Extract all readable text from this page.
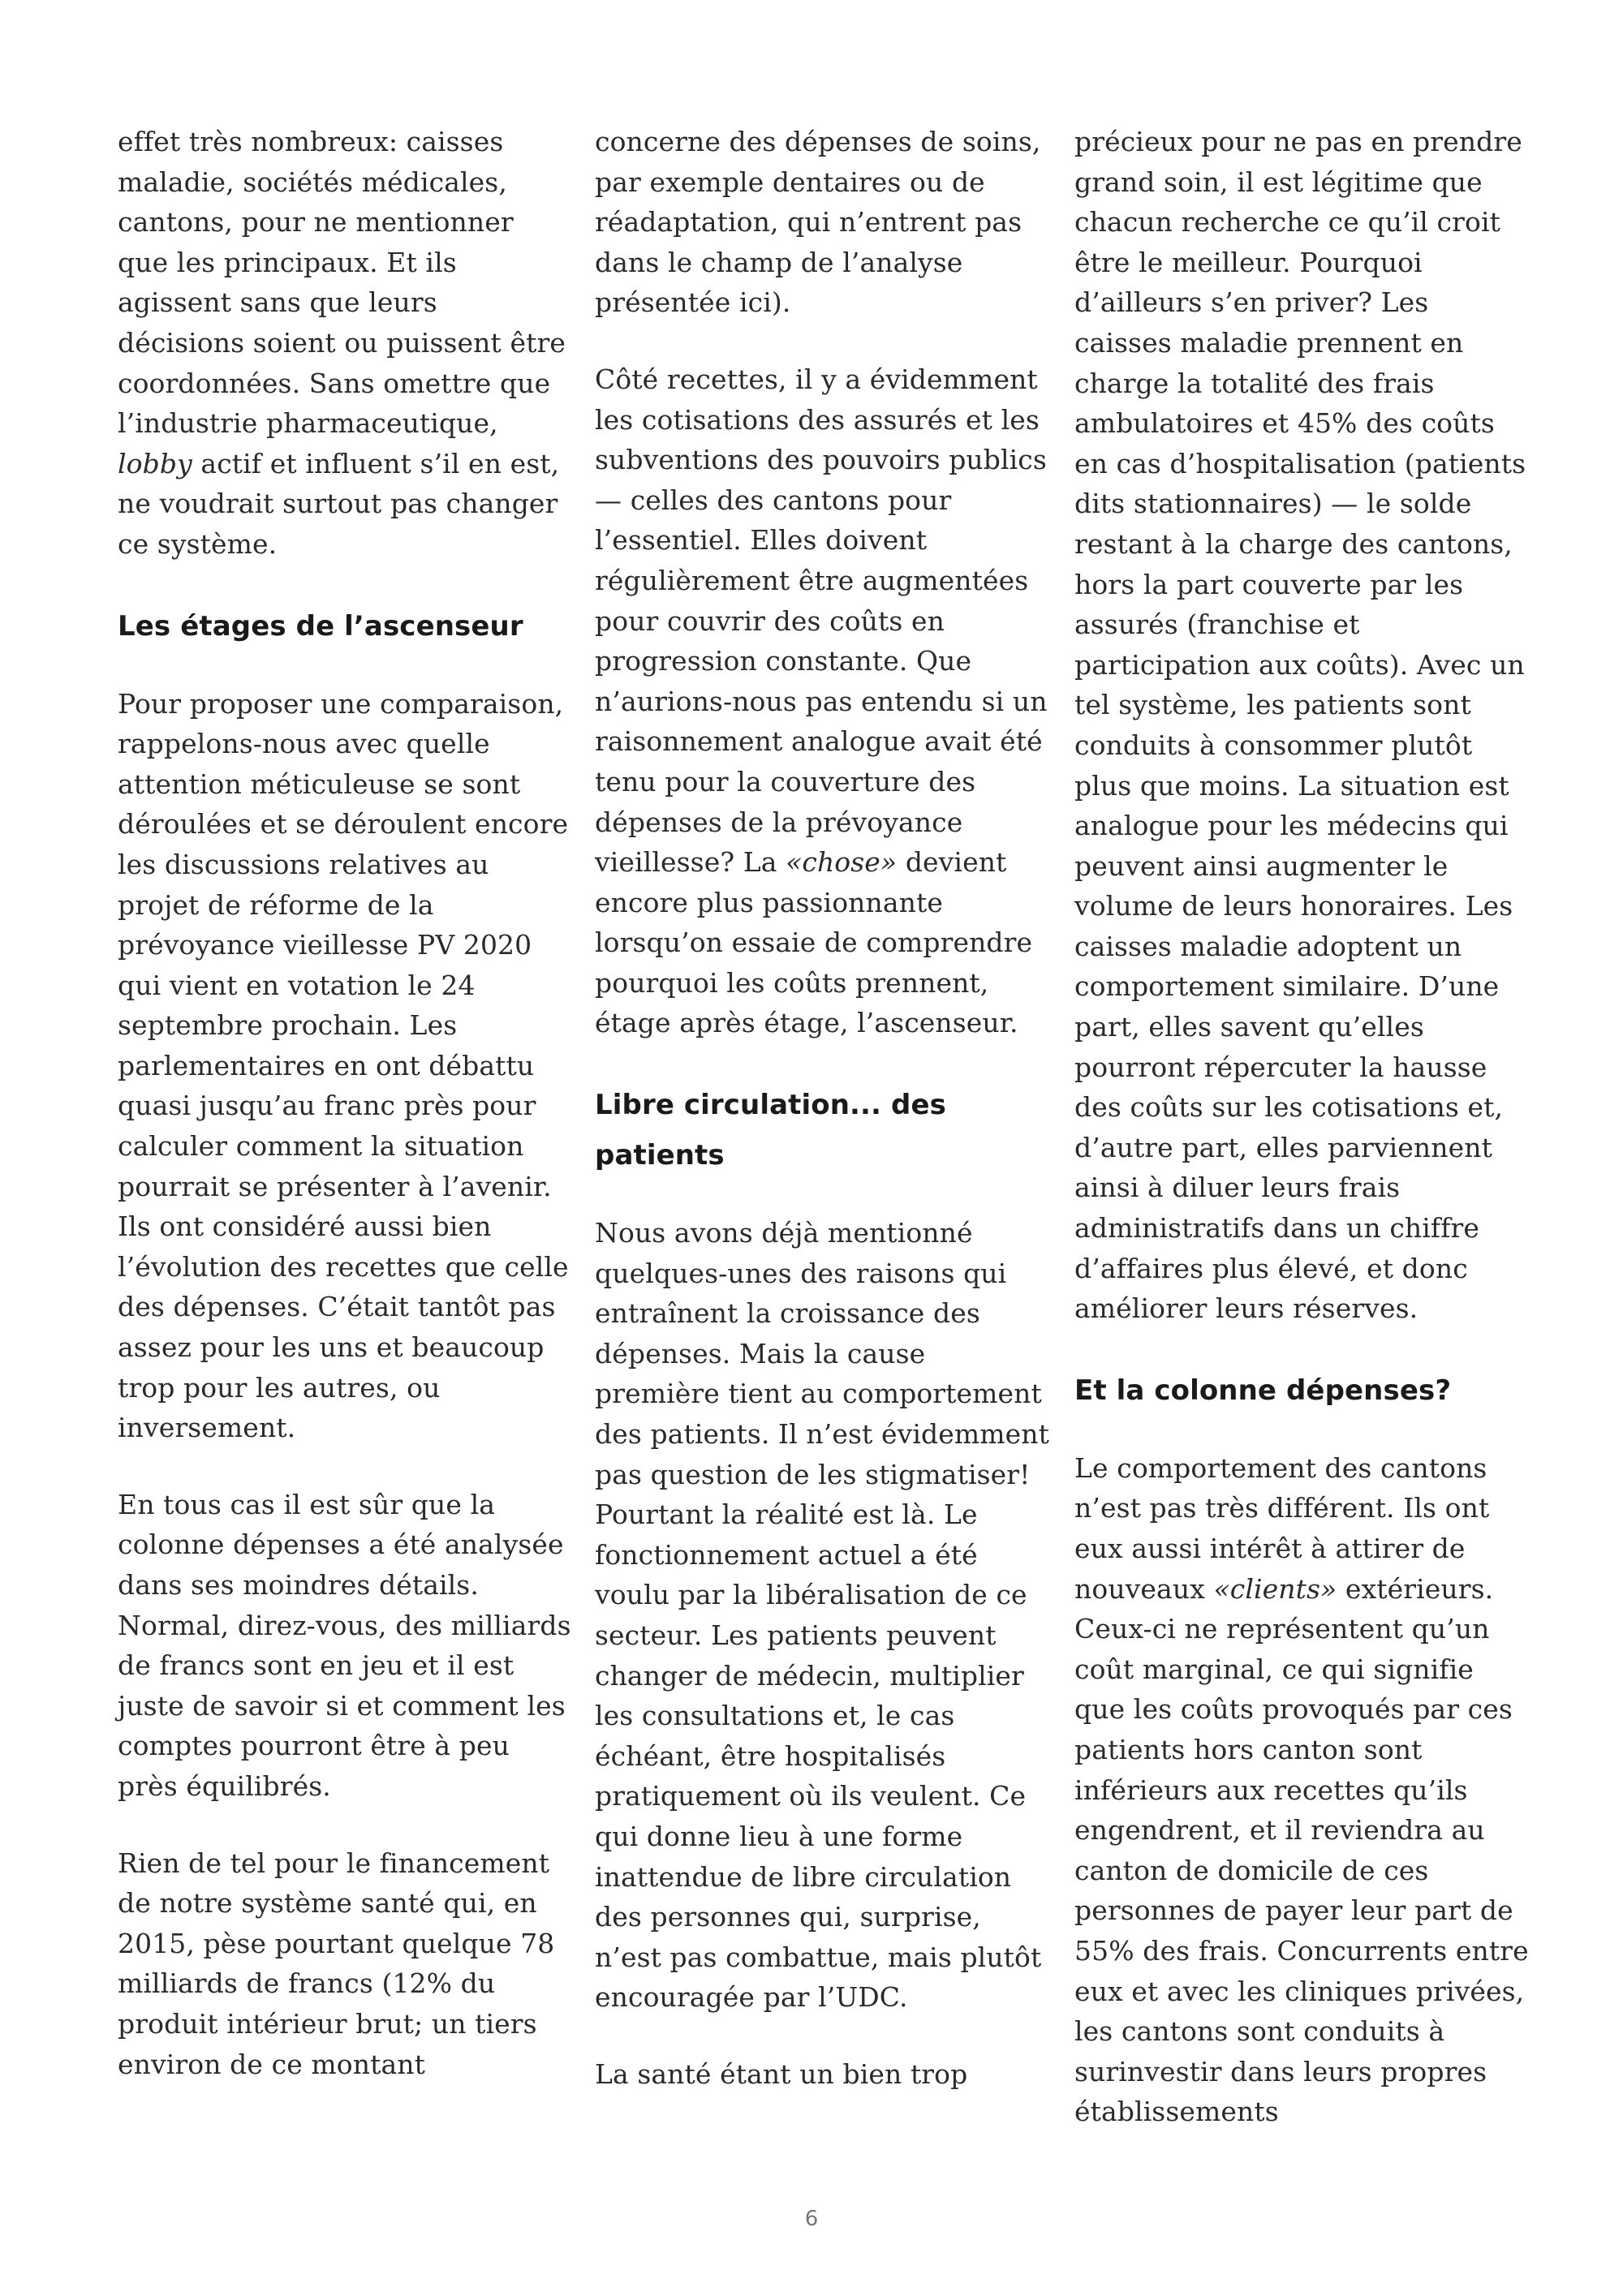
effet très nombreux: caisses maladie, sociétés médicales, cantons, pour ne mentionner que les principaux. Et ils agissent sans que leurs décisions soient ou puissent être coordonnées. Sans omettre que l’industrie pharmaceutique, lobby actif et influent s’il en est, ne voudrait surtout pas changer ce système.

Les étages de l’ascenseur

Pour proposer une comparaison, rappelons-nous avec quelle attention méticuleuse se sont déroulées et se déroulent encore les discussions relatives au projet de réforme de la prévoyance vieillesse PV 2020 qui vient en votation le 24 septembre prochain. Les parlementaires en ont débattu quasi jusqu’au franc près pour calculer comment la situation pourrait se présenter à l’avenir. Ils ont considéré aussi bien l’évolution des recettes que celle des dépenses. C’était tantôt pas assez pour les uns et beaucoup trop pour les autres, ou inversement.

En tous cas il est sûr que la colonne dépenses a été analysée dans ses moindres détails. Normal, direz-vous, des milliards de francs sont en jeu et il est juste de savoir si et comment les comptes pourront être à peu près équilibrés.

Rien de tel pour le financement de notre système santé qui, en 2015, pèse pourtant quelque 78 milliards de francs (12% du produit intérieur brut; un tiers environ de ce montant

concerne des dépenses de soins, par exemple dentaires ou de réadaptation, qui n’entrent pas dans le champ de l’analyse présentée ici).

Côté recettes, il y a évidemment les cotisations des assurés et les subventions des pouvoirs publics — celles des cantons pour l’essentiel. Elles doivent régulièrement être augmentées pour couvrir des coûts en progression constante. Que n’aurions-nous pas entendu si un raisonnement analogue avait été tenu pour la couverture des dépenses de la prévoyance vieillesse? La «chose» devient encore plus passionnante lorsqu’on essaie de comprendre pourquoi les coûts prennent, étage après étage, l’ascenseur.

Libre circulation... des patients

Nous avons déjà mentionné quelques-unes des raisons qui entraînent la croissance des dépenses. Mais la cause première tient au comportement des patients. Il n’est évidemment pas question de les stigmatiser! Pourtant la réalité est là. Le fonctionnement actuel a été voulu par la libéralisation de ce secteur. Les patients peuvent changer de médecin, multiplier les consultations et, le cas échéant, être hospitalisés pratiquement où ils veulent. Ce qui donne lieu à une forme inattendue de libre circulation des personnes qui, surprise, n’est pas combattue, mais plutôt encouragée par l’UDC.

La santé étant un bien trop

précieux pour ne pas en prendre grand soin, il est légitime que chacun recherche ce qu’il croit être le meilleur. Pourquoi d’ailleurs s’en priver? Les caisses maladie prennent en charge la totalité des frais ambulatoires et 45% des coûts en cas d’hospitalisation (patients dits stationnaires) — le solde restant à la charge des cantons, hors la part couverte par les assurés (franchise et participation aux coûts). Avec un tel système, les patients sont conduits à consommer plutôt plus que moins. La situation est analogue pour les médecins qui peuvent ainsi augmenter le volume de leurs honoraires. Les caisses maladie adoptent un comportement similaire. D’une part, elles savent qu’elles pourront répercuter la hausse des coûts sur les cotisations et, d’autre part, elles parviennent ainsi à diluer leurs frais administratifs dans un chiffre d’affaires plus élevé, et donc améliorer leurs réserves.

Et la colonne dépenses?

Le comportement des cantons n’est pas très différent. Ils ont eux aussi intérêt à attirer de nouveaux «clients» extérieurs. Ceux-ci ne représentent qu’un coût marginal, ce qui signifie que les coûts provoqués par ces patients hors canton sont inférieurs aux recettes qu’ils engendrent, et il reviendra au canton de domicile de ces personnes de payer leur part de 55% des frais. Concurrents entre eux et avec les cliniques privées, les cantons sont conduits à surinvestir dans leurs propres établissements

6
